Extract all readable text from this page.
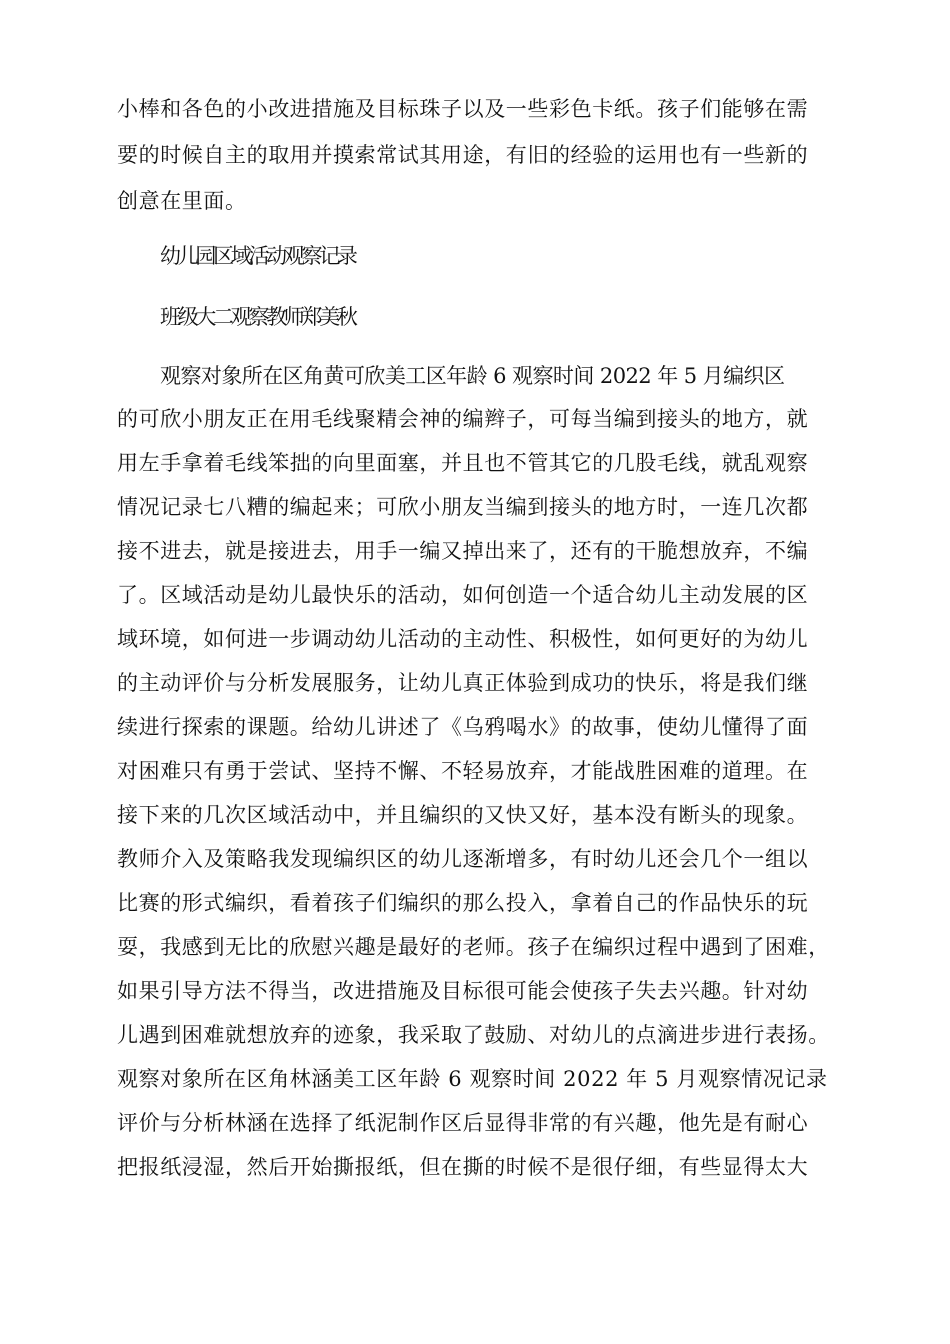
小棒和各色的小改进措施及目标珠子以及一些彩色卡纸。孩子们能够在需
要的时候自主的取用并摸索常试其用途，有旧的经验的运用也有一些新的
创意在里面。
幼儿园区域活动观察记录
班级大二观察教师郑美秋
观察对象所在区角黄可欣美工区年龄 6 观察时间 2022 年 5 月编织区
的可欣小朋友正在用毛线聚精会神的编辫子，可每当编到接头的地方，就
用左手拿着毛线笨拙的向里面塞，并且也不管其它的几股毛线，就乱观察
情况记录七八糟的编起来；可欣小朋友当编到接头的地方时，一连几次都
接不进去，就是接进去，用手一编又掉出来了，还有的干脆想放弃，不编
了。区域活动是幼儿最快乐的活动，如何创造一个适合幼儿主动发展的区
域环境，如何进一步调动幼儿活动的主动性、积极性，如何更好的为幼儿
的主动评价与分析发展服务，让幼儿真正体验到成功的快乐，将是我们继
续进行探索的课题。给幼儿讲述了《乌鸦喝水》的故事，使幼儿懂得了面
对困难只有勇于尝试、坚持不懈、不轻易放弃，才能战胜困难的道理。在
接下来的几次区域活动中，并且编织的又快又好，基本没有断头的现象。
教师介入及策略我发现编织区的幼儿逐渐增多，有时幼儿还会几个一组以
比赛的形式编织，看着孩子们编织的那么投入，拿着自己的作品快乐的玩
耍，我感到无比的欣慰兴趣是最好的老师。孩子在编织过程中遇到了困难，
如果引导方法不得当，改进措施及目标很可能会使孩子失去兴趣。针对幼
儿遇到困难就想放弃的迹象，我采取了鼓励、对幼儿的点滴进步进行表扬。
观察对象所在区角林涵美工区年龄 6 观察时间 2022 年 5 月观察情况记录
评价与分析林涵在选择了纸泥制作区后显得非常的有兴趣，他先是有耐心
把报纸浸湿，然后开始撕报纸，但在撕的时候不是很仔细，有些显得太大
